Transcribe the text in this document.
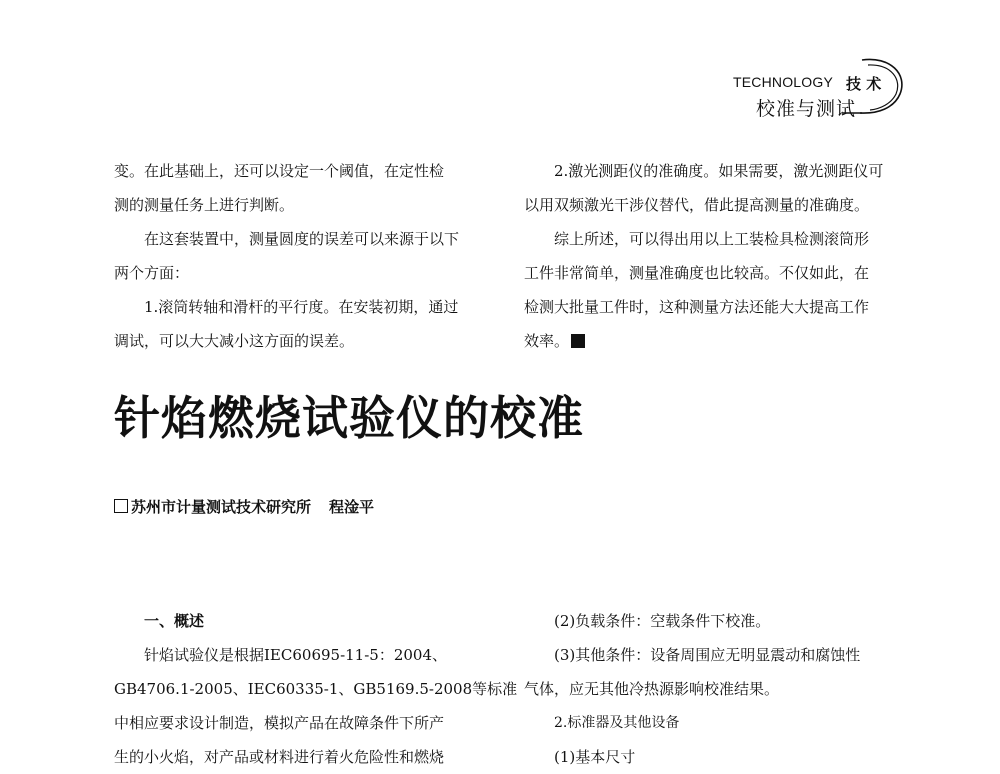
TECHNOLOGY 技 术
校准与测试

变。在此基础上，还可以设定一个阈值，在定性检

测的测量任务上进行判断。

在这套装置中，测量圆度的误差可以来源于以下

两个方面：

1.滚筒转轴和滑杆的平行度。在安装初期，通过

调试，可以大大减小这方面的误差。

2.激光测距仪的准确度。如果需要，激光测距仪可

以用双频激光干涉仪替代，借此提高测量的准确度。

综上所述，可以得出用以上工装检具检测滚筒形

工件非常简单，测量准确度也比较高。不仅如此，在

检测大批量工件时，这种测量方法还能大大提高工作

效率。

针焰燃烧试验仪的校准
苏州市计量测试技术研究所 程淦平

一、概述

针焰试验仪是根据IEC60695-11-5：2004、

GB4706.1-2005、IEC60335-1、GB5169.5-2008等标准

中相应要求设计制造，模拟产品在故障条件下所产

生的小火焰，对产品或材料进行着火危险性和燃烧

(2)负载条件：空载条件下校准。

(3)其他条件：设备周围应无明显震动和腐蚀性

气体，应无其他冷热源影响校准结果。

2.标准器及其他设备

(1)基本尺寸
